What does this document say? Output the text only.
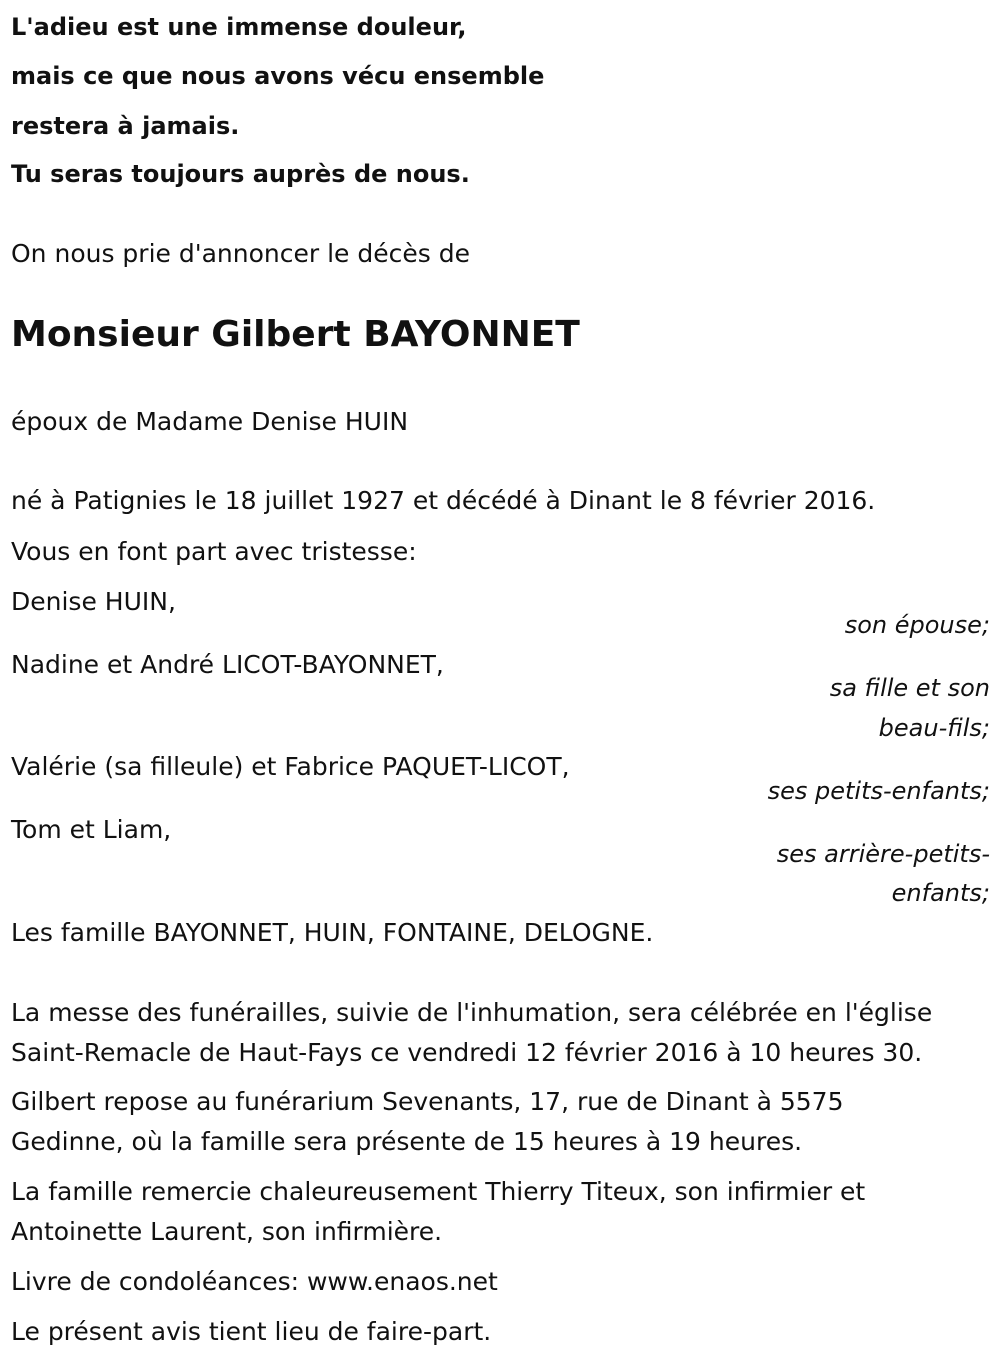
L'adieu est une immense douleur,
mais ce que nous avons vécu ensemble
restera à jamais.
Tu seras toujours auprès de nous.
On nous prie d'annoncer le décès de
Monsieur Gilbert BAYONNET
époux de Madame Denise HUIN
né à Patignies le 18 juillet 1927 et décédé à Dinant le 8 février 2016.
Vous en font part avec tristesse:
Denise HUIN,
son épouse;
Nadine et André LICOT-BAYONNET,
sa fille et son
beau-fils;
Valérie (sa filleule) et Fabrice PAQUET-LICOT,
ses petits-enfants;
Tom et Liam,
ses arrière-petits-
enfants;
Les famille BAYONNET, HUIN, FONTAINE, DELOGNE.
La messe des funérailles, suivie de l'inhumation, sera célébrée en l'église
Saint-Remacle de Haut-Fays ce vendredi 12 février 2016 à 10 heures 30.
Gilbert repose au funérarium Sevenants, 17, rue de Dinant à 5575
Gedinne, où la famille sera présente de 15 heures à 19 heures.
La famille remercie chaleureusement Thierry Titeux, son infirmier et
Antoinette Laurent, son infirmière.
Livre de condoléances: www.enaos.net
Le présent avis tient lieu de faire-part.
